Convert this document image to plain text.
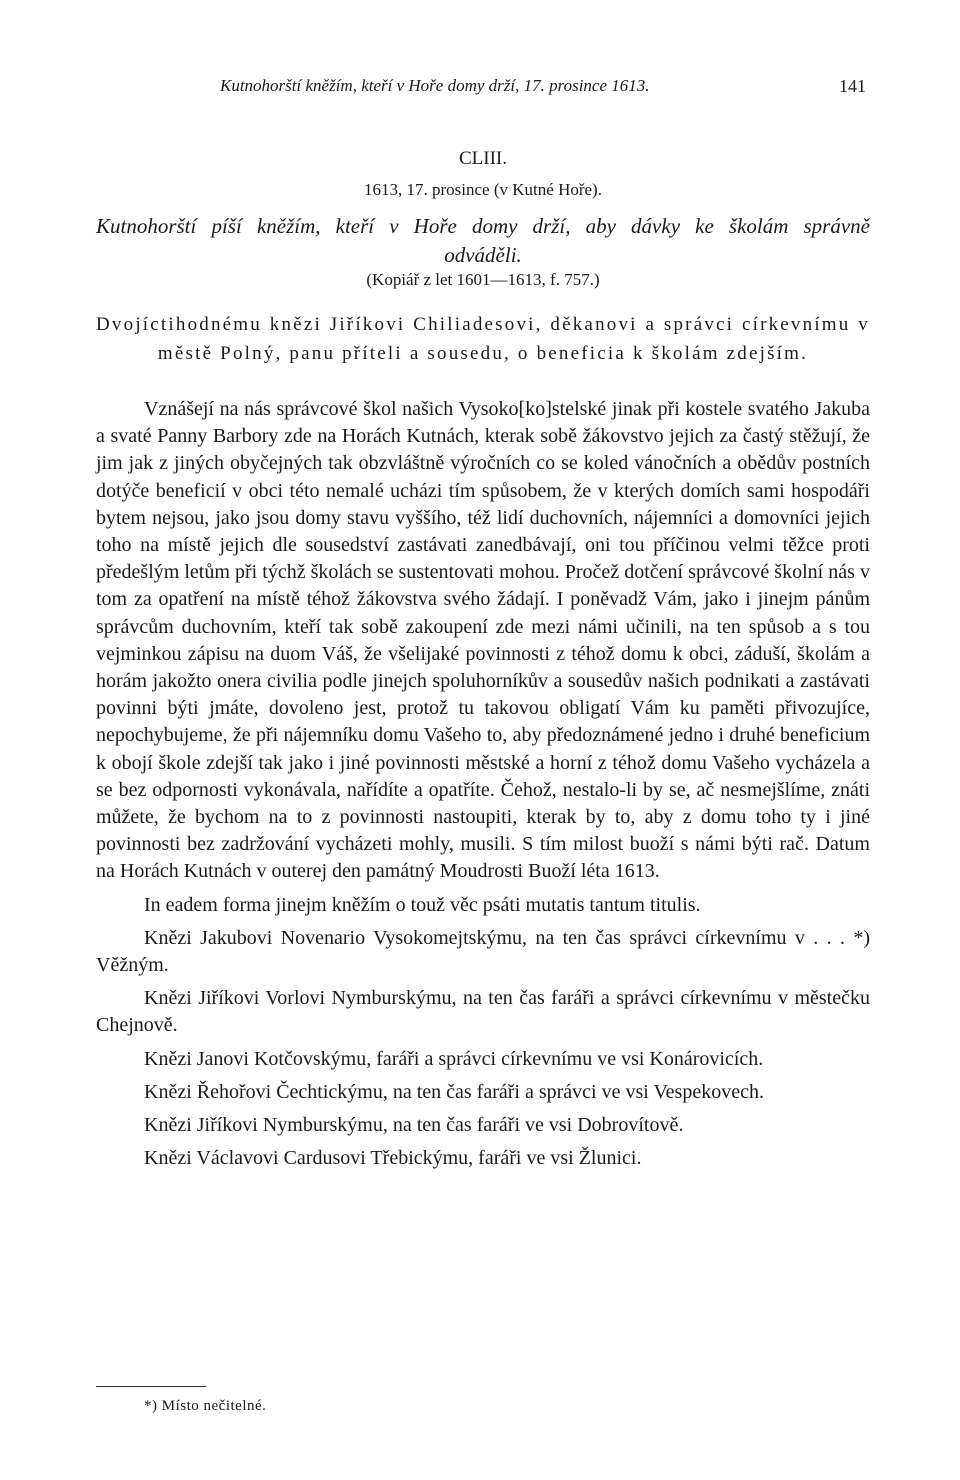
Kutnohorští kněžím, kteří v Hoře domy drží, 17. prosince 1613.	141
CLIII.
1613, 17. prosince (v Kutné Hoře).
Kutnohorští píší kněžím, kteří v Hoře domy drží, aby dávky ke školám správně odváděli.
(Kopiář z let 1601—1613, f. 757.)
Dvojíctihodnému knězi Jiříkovi Chiliadesovi, děkanovi a správci církevnímu v městě Polný, panu příteli a sousedu, o beneficia k školám zdejším.

Vznášejí na nás správcové škol našich Vysoko[ko]stelské jinak při kostele svatého Jakuba a svaté Panny Barbory zde na Horách Kutnách, kterak sobě žákovstvo jejich za častý stěžují, že jim jak z jiných obyčejných tak obzvláštně výročních co se koled vánočních a obědův postních dotýče beneficií v obci této nemalé ucházi tím spůsobem, že v kterých domích sami hospodáři bytem nejsou, jako jsou domy stavu vyššího, též lidí duchovních, nájemníci a domovníci jejich toho na místě jejich dle sousedství zastávati zanedbávají, oni tou příčinou velmi těžce proti předešlým letům při týchž školách se sustentovati mohou. Pročež dotčení správcové školní nás v tom za opatření na místě téhož žákovstva svého žádají. I poněvadž Vám, jako i jinejm pánům správcům duchovním, kteří tak sobě zakoupení zde mezi námi učinili, na ten spůsob a s tou vejminkou zápisu na duom Váš, že všelijaké povinnosti z téhož domu k obci, záduší, školám a horám jakožto onera civilia podle jinejch spoluhorníkův a sousedův našich podnikati a zastávati povinni býti jmáte, dovoleno jest, protož tu takovou obligatí Vám ku paměti přivozujíce, nepochybujeme, že při nájemníku domu Vašeho to, aby předoznámené jedno i druhé beneficium k obojí škole zdejší tak jako i jiné povinnosti městské a horní z téhož domu Vašeho vycházela a se bez odpornosti vykonávala, nařídíte a opatříte. Čehož, nestalo-li by se, ač nesmejšlíme, znáti můžete, že bychom na to z povinnosti nastoupiti, kterak by to, aby z domu toho ty i jiné povinnosti bez zadržování vycházeti mohly, musili. S tím milost buoží s námi býti rač. Datum na Horách Kutnách v outerej den památný Moudrosti Buoží léta 1613.

In eadem forma jinejm kněžím o touž věc psáti mutatis tantum titulis.

Knězi Jakubovi Novenario Vysokomejtskýmu, na ten čas správci církevnímu v . . . *) Věžným.

Knězi Jiříkovi Vorlovi Nymburskýmu, na ten čas faráři a správci církevnímu v městečku Chejnově.

Knězi Janovi Kotčovskýmu, faráři a správci církevnímu ve vsi Konárovicích.

Knězi Řehořovi Čechtickýmu, na ten čas faráři a správci ve vsi Vespekovech.

Knězi Jiříkovi Nymburskýmu, na ten čas faráři ve vsi Dobrovítově.

Knězi Václavovi Cardusovi Třebickýmu, faráři ve vsi Žlunici.

*) Místo nečitelné.
